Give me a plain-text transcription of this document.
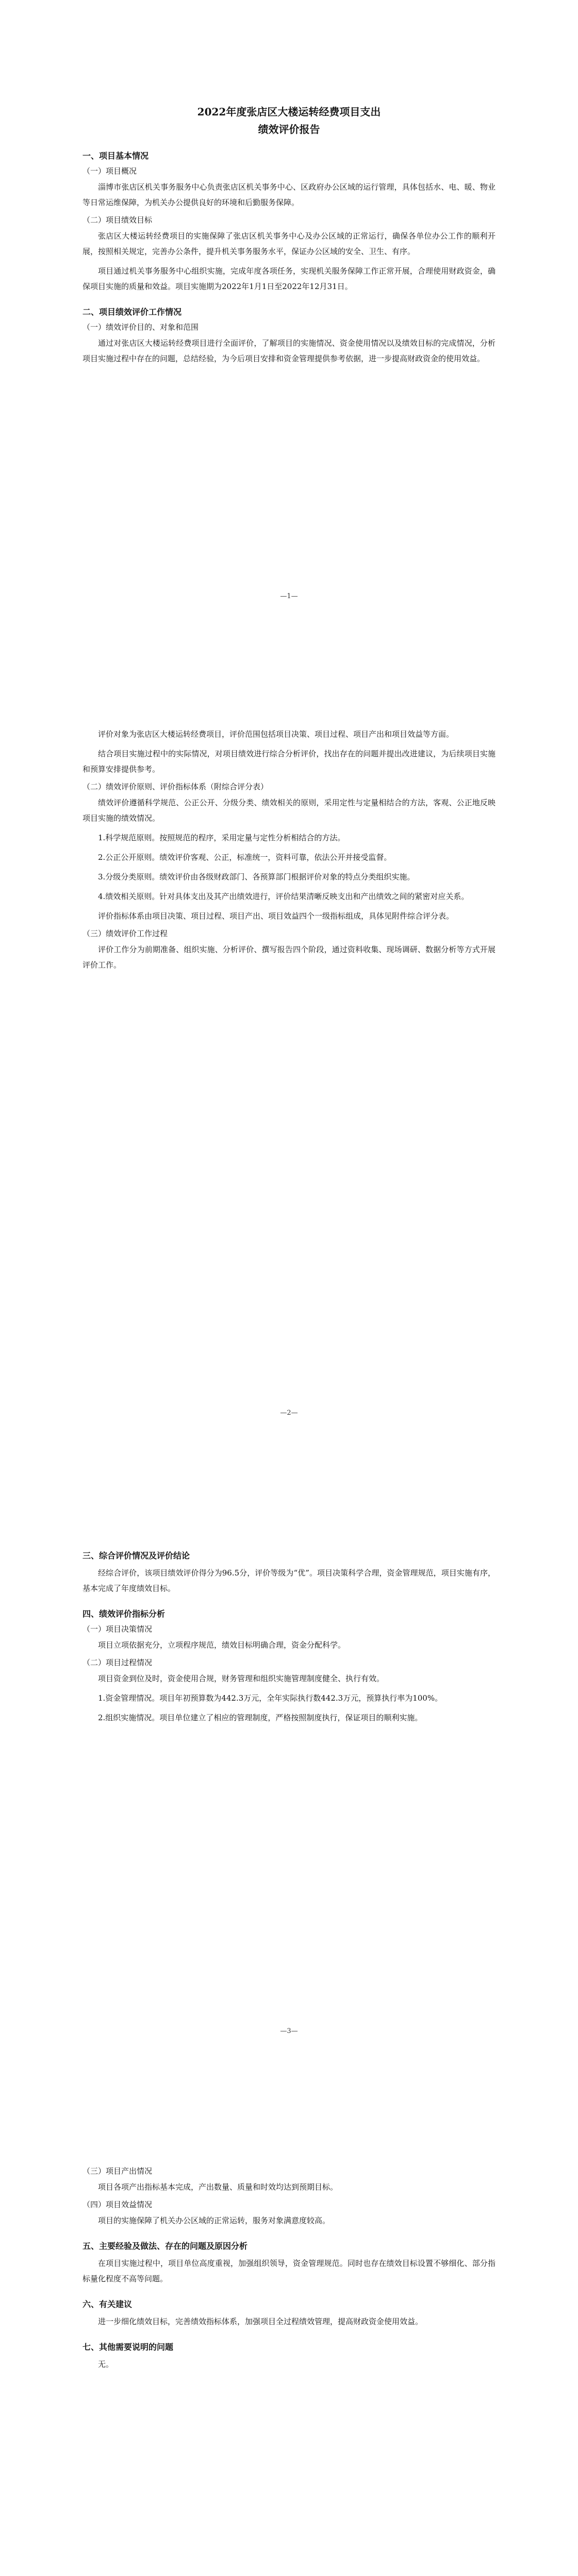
2022年度张店区大楼运转经费项目支出
绩效评价报告
一、项目基本情况
（一）项目概况

淄博市张店区机关事务服务中心负责张店区机关事务中心、区政府办公区域的运行管理，具体包括水、电、暖、物业等日常运维保障，为机关办公提供良好的环境和后勤服务保障。

（二）项目绩效目标

张店区大楼运转经费项目的实施保障了张店区机关事务中心及办公区域的正常运行，确保各单位办公工作的顺利开展，按照相关规定，完善办公条件，提升机关事务服务水平，保证办公区域的安全、卫生、有序。

项目通过机关事务服务中心组织实施，完成年度各项任务，实现机关服务保障工作正常开展，合理使用财政资金，确保项目实施的质量和效益。项目实施期为2022年1月1日至2022年12月31日。

二、项目绩效评价工作情况
（一）绩效评价目的、对象和范围

通过对张店区大楼运转经费项目进行全面评价，了解项目的实施情况、资金使用情况以及绩效目标的完成情况，分析项目实施过程中存在的问题，总结经验，为今后项目安排和资金管理提供参考依据，进一步提高财政资金的使用效益。

—1—

评价对象为张店区大楼运转经费项目，评价范围包括项目决策、项目过程、项目产出和项目效益等方面。

结合项目实施过程中的实际情况，对项目绩效进行综合分析评价，找出存在的问题并提出改进建议，为后续项目实施和预算安排提供参考。

（二）绩效评价原则、评价指标体系（附综合评分表）

绩效评价遵循科学规范、公正公开、分级分类、绩效相关的原则，采用定性与定量相结合的方法，客观、公正地反映项目实施的绩效情况。

1.科学规范原则。按照规范的程序，采用定量与定性分析相结合的方法。

2.公正公开原则。绩效评价客观、公正，标准统一，资料可靠，依法公开并接受监督。

3.分级分类原则。绩效评价由各级财政部门、各预算部门根据评价对象的特点分类组织实施。

4.绩效相关原则。针对具体支出及其产出绩效进行，评价结果清晰反映支出和产出绩效之间的紧密对应关系。

评价指标体系由项目决策、项目过程、项目产出、项目效益四个一级指标组成，具体见附件综合评分表。

（三）绩效评价工作过程

评价工作分为前期准备、组织实施、分析评价、撰写报告四个阶段，通过资料收集、现场调研、数据分析等方式开展评价工作。

—2—
三、综合评价情况及评价结论

经综合评价，该项目绩效评价得分为96.5分，评价等级为“优”。项目决策科学合理，资金管理规范，项目实施有序，基本完成了年度绩效目标。

四、绩效评价指标分析
（一）项目决策情况

项目立项依据充分，立项程序规范，绩效目标明确合理，资金分配科学。

（二）项目过程情况

项目资金到位及时，资金使用合规，财务管理和组织实施管理制度健全、执行有效。

1.资金管理情况。项目年初预算数为442.3万元，全年实际执行数442.3万元，预算执行率为100%。

2.组织实施情况。项目单位建立了相应的管理制度，严格按照制度执行，保证项目的顺利实施。

—3—
（三）项目产出情况

项目各项产出指标基本完成，产出数量、质量和时效均达到预期目标。

（四）项目效益情况

项目的实施保障了机关办公区域的正常运转，服务对象满意度较高。

五、主要经验及做法、存在的问题及原因分析

在项目实施过程中，项目单位高度重视，加强组织领导，资金管理规范。同时也存在绩效目标设置不够细化、部分指标量化程度不高等问题。

六、有关建议

进一步细化绩效目标，完善绩效指标体系，加强项目全过程绩效管理，提高财政资金使用效益。

七、其他需要说明的问题

无。
